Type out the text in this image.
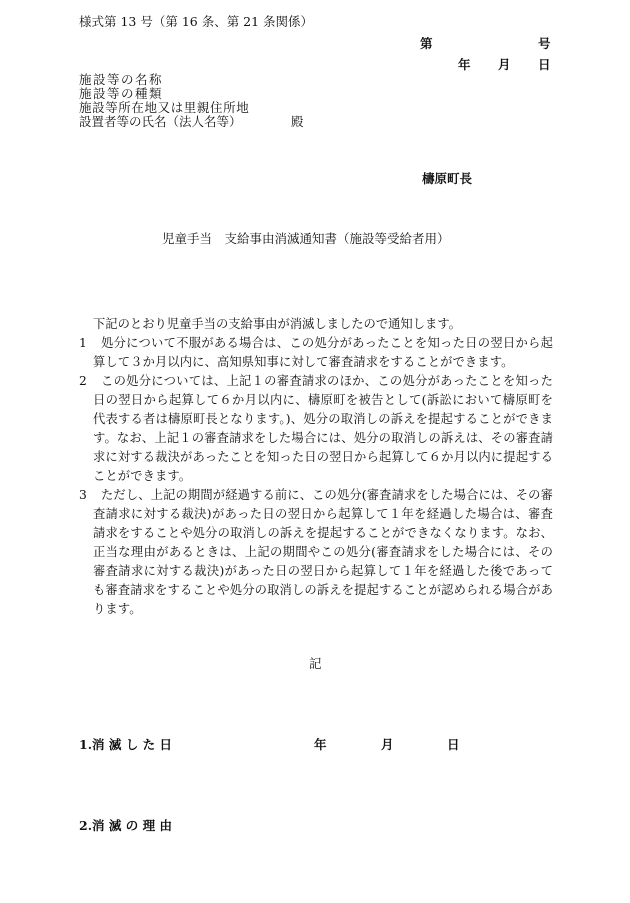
様式第 13 号（第 16 条、第 21 条関係）
第	号
年 月 日
施設等の名称
施設等の種類
施設等所在地又は里親住所地
設置者等の氏名（法人名等）	殿
檮原町長
児童手当　支給事由消滅通知書（施設等受給者用）
下記のとおり児童手当の支給事由が消滅しましたので通知します。
1	処分について不服がある場合は、この処分があったことを知った日の翌日から起算して３か月以内に、高知県知事に対して審査請求をすることができます。
2	この処分については、上記１の審査請求のほか、この処分があったことを知った日の翌日から起算して６か月以内に、檮原町を被告として(訴訟において檮原町を代表する者は檮原町長となります。)、処分の取消しの訴えを提起することができます。なお、上記１の審査請求をした場合には、処分の取消しの訴えは、その審査請求に対する裁決があったことを知った日の翌日から起算して６か月以内に提起することができます。
3	ただし、上記の期間が経過する前に、この処分(審査請求をした場合には、その審査請求に対する裁決)があった日の翌日から起算して１年を経過した場合は、審査請求をすることや処分の取消しの訴えを提起することができなくなります。なお、正当な理由があるときは、上記の期間やこの処分(審査請求をした場合には、その審査請求に対する裁決)があった日の翌日から起算して１年を経過した後であっても審査請求をすることや処分の取消しの訴えを提起することが認められる場合があります。
記
1.消 滅 し た 日	年	月	日
2.消 滅 の 理 由
